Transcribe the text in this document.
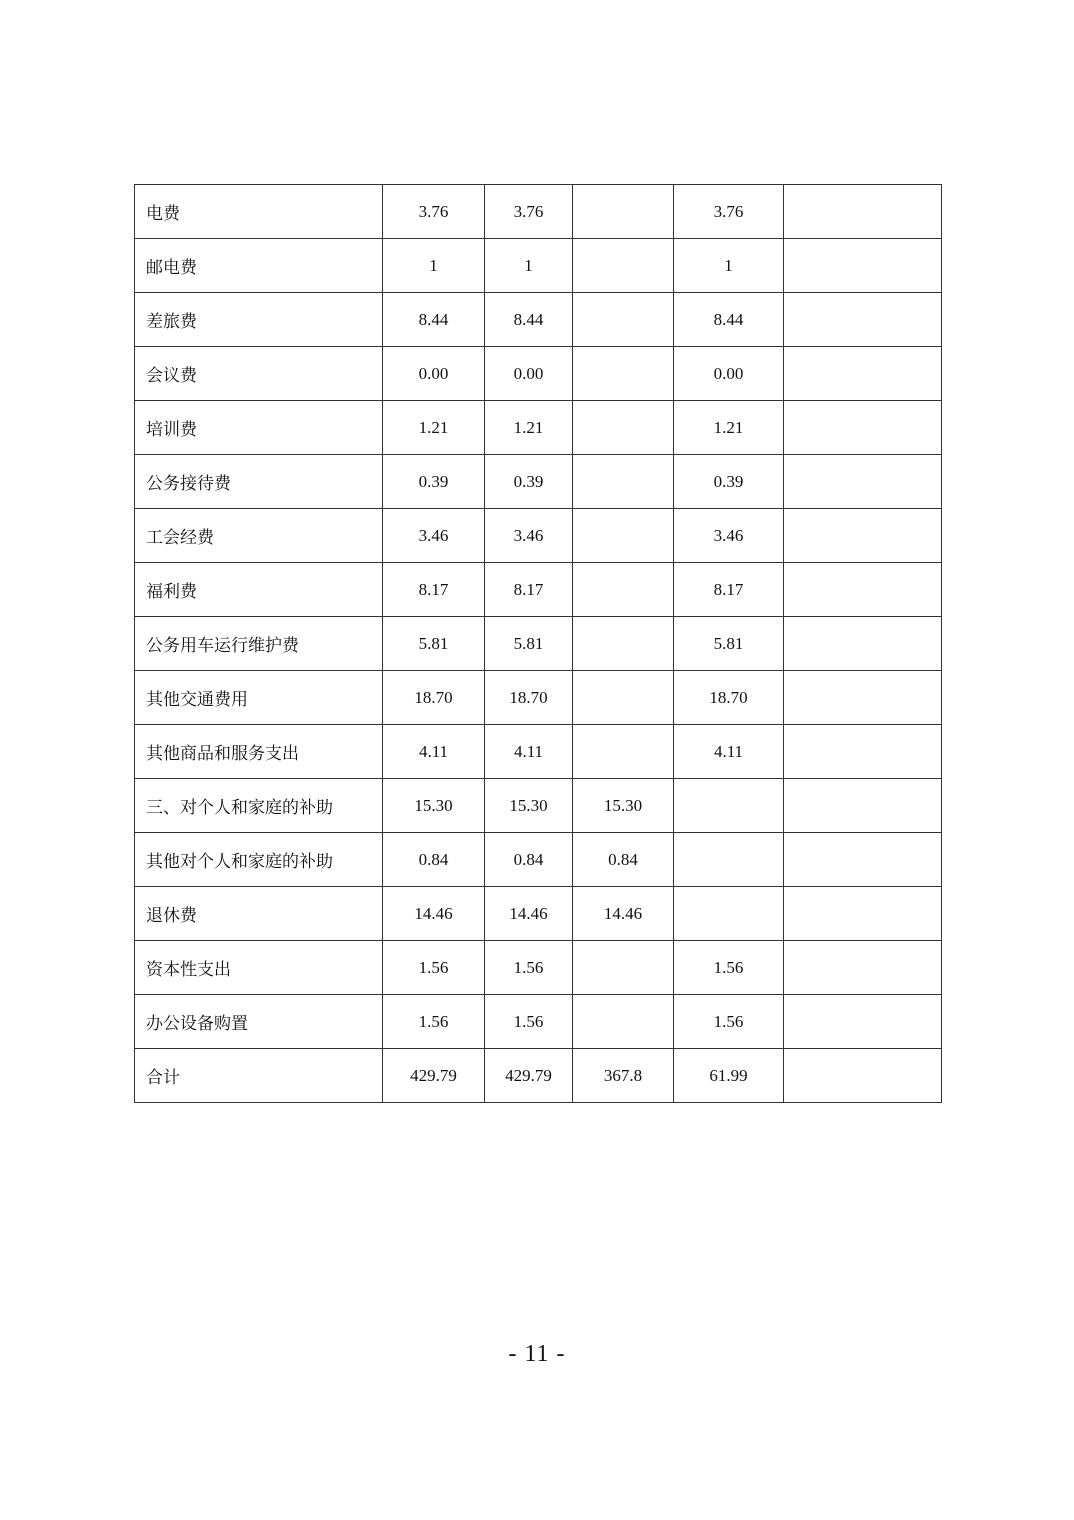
电费	3.76	3.76		3.76	
邮电费	1	1		1	
差旅费	8.44	8.44		8.44	
会议费	0.00	0.00		0.00	
培训费	1.21	1.21		1.21	
公务接待费	0.39	0.39		0.39	
工会经费	3.46	3.46		3.46	
福利费	8.17	8.17		8.17	
公务用车运行维护费	5.81	5.81		5.81	
其他交通费用	18.70	18.70		18.70	
其他商品和服务支出	4.11	4.11		4.11	
三、对个人和家庭的补助	15.30	15.30	15.30		
其他对个人和家庭的补助	0.84	0.84	0.84		
退休费	14.46	14.46	14.46		
资本性支出	1.56	1.56		1.56	
办公设备购置	1.56	1.56		1.56	
合计	429.79	429.79	367.8	61.99	
- 11 -
